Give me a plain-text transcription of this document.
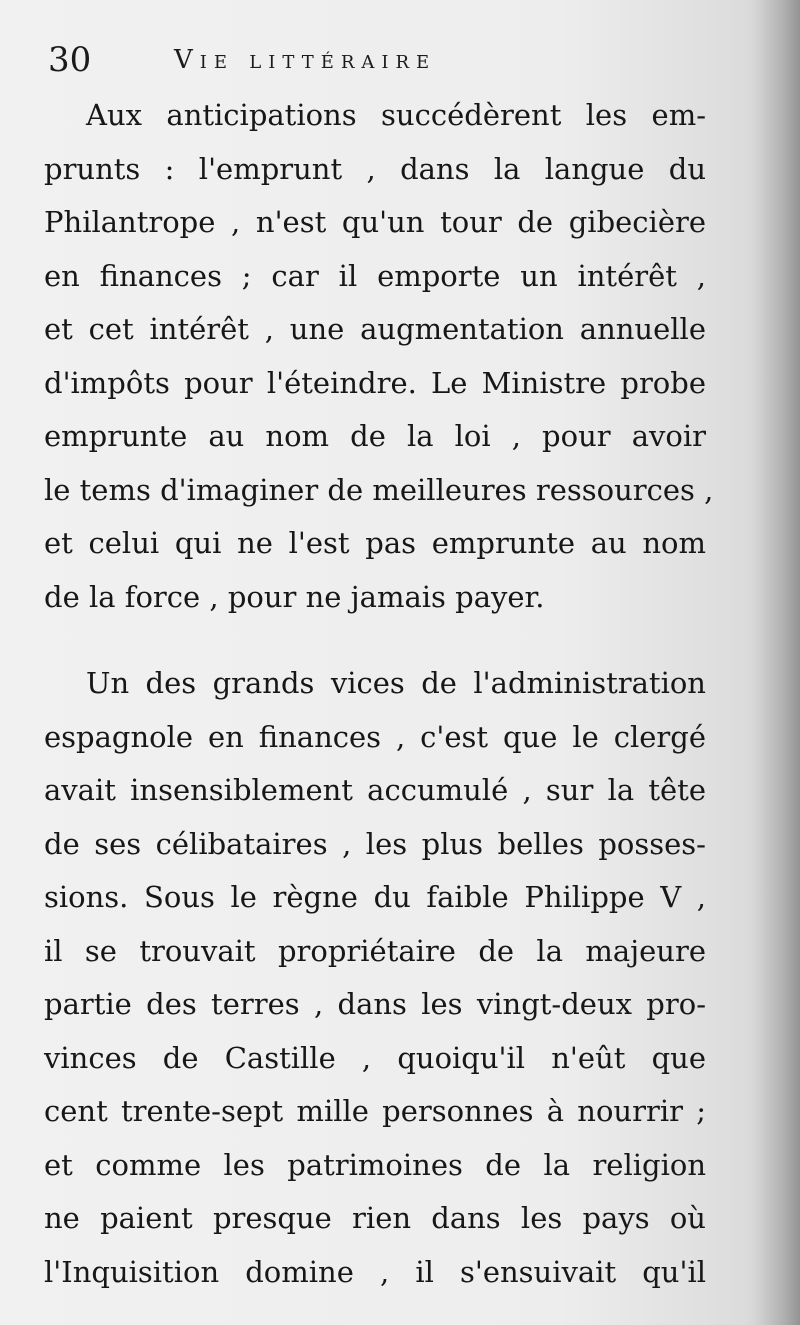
30	Vie littéraire
Aux anticipations succédèrent les em-
prunts : l'emprunt , dans la langue du
Philantrope , n'est qu'un tour de gibecière
en finances ; car il emporte un intérêt ,
et cet intérêt , une augmentation annuelle
d'impôts pour l'éteindre. Le Ministre probe
emprunte au nom de la loi , pour avoir
le tems d'imaginer de meilleures ressources ,
et celui qui ne l'est pas emprunte au nom
de la force , pour ne jamais payer.
Un des grands vices de l'administration
espagnole en finances , c'est que le clergé
avait insensiblement accumulé , sur la tête
de ses célibataires , les plus belles posses-
sions. Sous le règne du faible Philippe V ,
il se trouvait propriétaire de la majeure
partie des terres , dans les vingt-deux pro-
vinces de Castille , quoiqu'il n'eût que
cent trente-sept mille personnes à nourrir ;
et comme les patrimoines de la religion
ne paient presque rien dans les pays où
l'Inquisition domine , il s'ensuivait qu'il
